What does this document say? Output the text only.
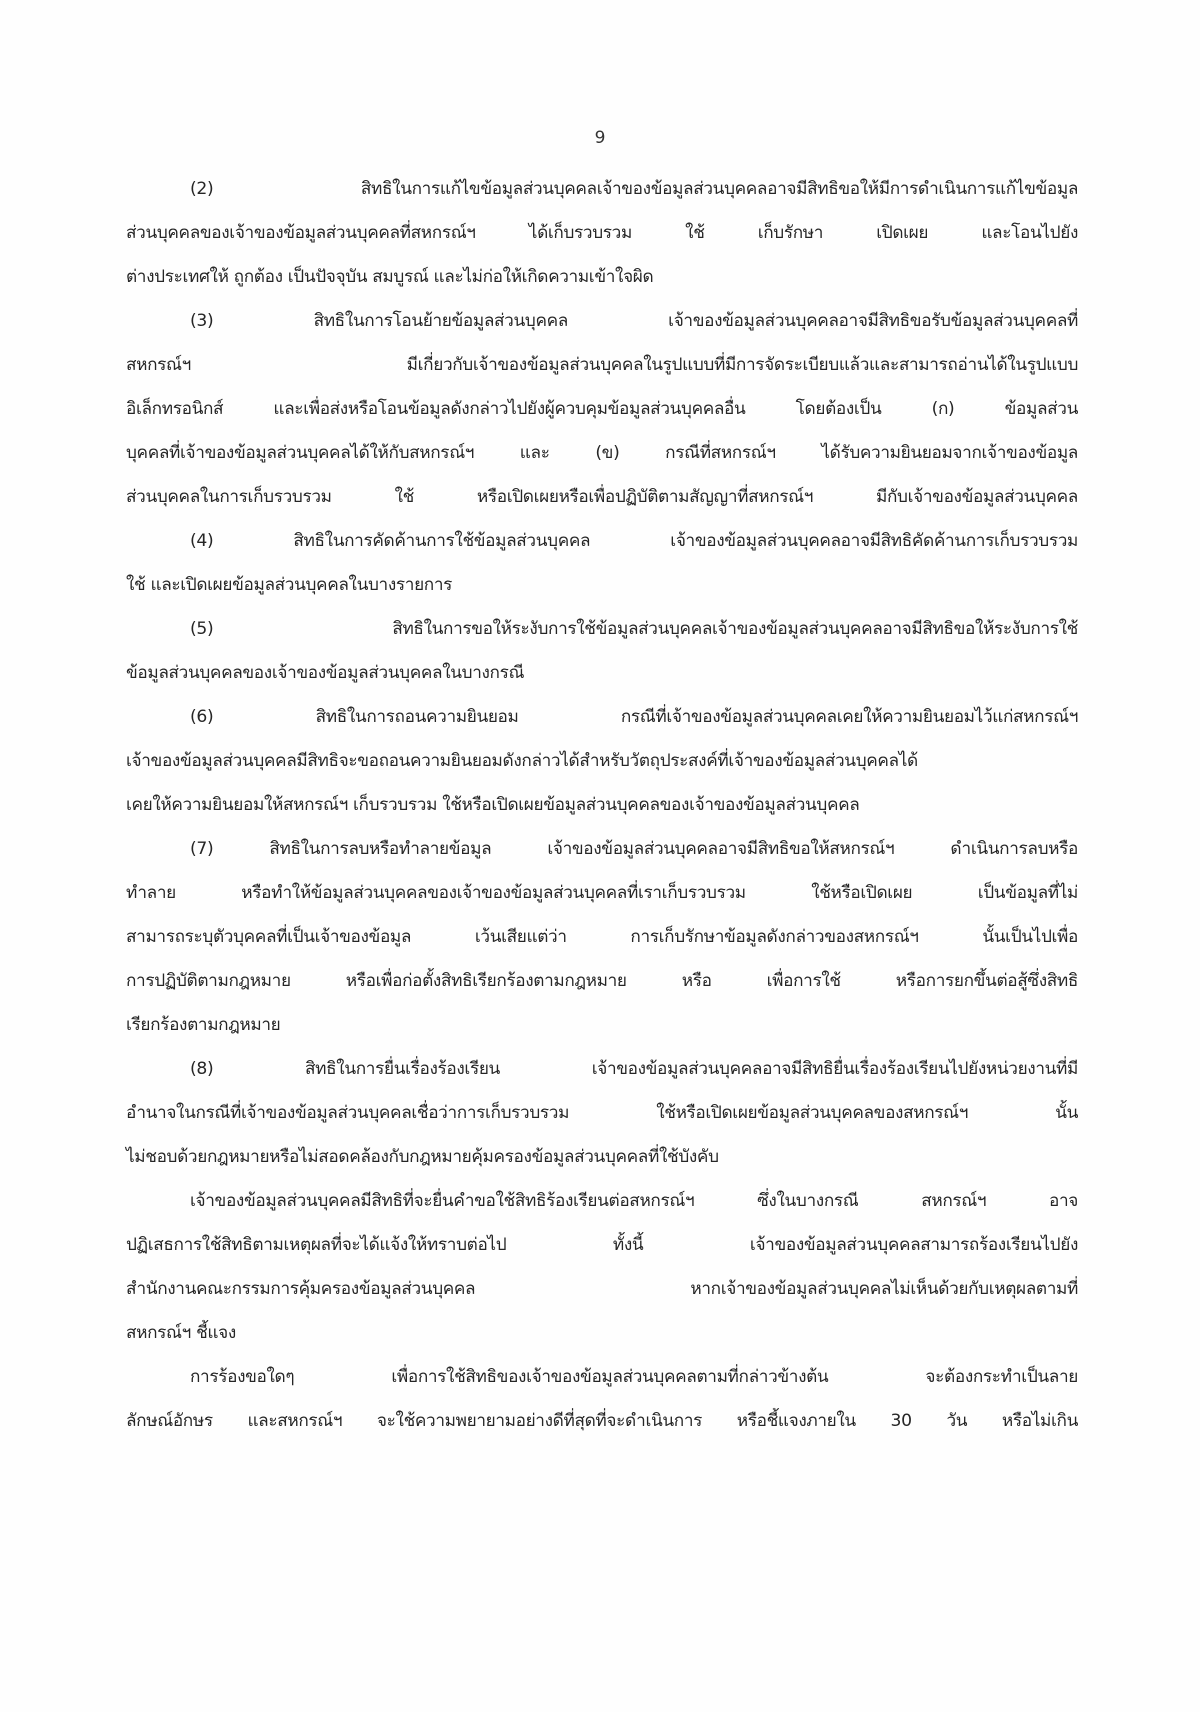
9
(2) สิทธิในการแก้ไขข้อมูลส่วนบุคคลเจ้าของข้อมูลส่วนบุคคลอาจมีสิทธิขอให้มีการดำเนินการแก้ไขข้อมูล
ส่วนบุคคลของเจ้าของข้อมูลส่วนบุคคลที่สหกรณ์ฯ ได้เก็บรวบรวม ใช้ เก็บรักษา เปิดเผย และโอนไปยัง
ต่างประเทศให้ ถูกต้อง เป็นปัจจุบัน สมบูรณ์ และไม่ก่อให้เกิดความเข้าใจผิด
(3) สิทธิในการโอนย้ายข้อมูลส่วนบุคคล เจ้าของข้อมูลส่วนบุคคลอาจมีสิทธิขอรับข้อมูลส่วนบุคคลที่
สหกรณ์ฯ มีเกี่ยวกับเจ้าของข้อมูลส่วนบุคคลในรูปแบบที่มีการจัดระเบียบแล้วและสามารถอ่านได้ในรูปแบบ
อิเล็กทรอนิกส์ และเพื่อส่งหรือโอนข้อมูลดังกล่าวไปยังผู้ควบคุมข้อมูลส่วนบุคคลอื่น โดยต้องเป็น (ก) ข้อมูลส่วน
บุคคลที่เจ้าของข้อมูลส่วนบุคคลได้ให้กับสหกรณ์ฯ และ (ข) กรณีที่สหกรณ์ฯ ได้รับความยินยอมจากเจ้าของข้อมูล
ส่วนบุคคลในการเก็บรวบรวม ใช้ หรือเปิดเผยหรือเพื่อปฏิบัติตามสัญญาที่สหกรณ์ฯ มีกับเจ้าของข้อมูลส่วนบุคคล
(4) สิทธิในการคัดค้านการใช้ข้อมูลส่วนบุคคล เจ้าของข้อมูลส่วนบุคคลอาจมีสิทธิคัดค้านการเก็บรวบรวม
ใช้ และเปิดเผยข้อมูลส่วนบุคคลในบางรายการ
(5) สิทธิในการขอให้ระงับการใช้ข้อมูลส่วนบุคคลเจ้าของข้อมูลส่วนบุคคลอาจมีสิทธิขอให้ระงับการใช้
ข้อมูลส่วนบุคคลของเจ้าของข้อมูลส่วนบุคคลในบางกรณี
(6) สิทธิในการถอนความยินยอม กรณีที่เจ้าของข้อมูลส่วนบุคคลเคยให้ความยินยอมไว้แก่สหกรณ์ฯ
เจ้าของข้อมูลส่วนบุคคลมีสิทธิจะขอถอนความยินยอมดังกล่าวได้สำหรับวัตถุประสงค์ที่เจ้าของข้อมูลส่วนบุคคลได้
เคยให้ความยินยอมให้สหกรณ์ฯ เก็บรวบรวม ใช้หรือเปิดเผยข้อมูลส่วนบุคคลของเจ้าของข้อมูลส่วนบุคคล
(7) สิทธิในการลบหรือทำลายข้อมูล เจ้าของข้อมูลส่วนบุคคลอาจมีสิทธิขอให้สหกรณ์ฯ ดำเนินการลบหรือ
ทำลาย หรือทำให้ข้อมูลส่วนบุคคลของเจ้าของข้อมูลส่วนบุคคลที่เราเก็บรวบรวม ใช้หรือเปิดเผย เป็นข้อมูลที่ไม่
สามารถระบุตัวบุคคลที่เป็นเจ้าของข้อมูล เว้นเสียแต่ว่า การเก็บรักษาข้อมูลดังกล่าวของสหกรณ์ฯ นั้นเป็นไปเพื่อ
การปฏิบัติตามกฎหมาย หรือเพื่อก่อตั้งสิทธิเรียกร้องตามกฎหมาย หรือ เพื่อการใช้ หรือการยกขึ้นต่อสู้ซึ่งสิทธิ
เรียกร้องตามกฎหมาย
(8) สิทธิในการยื่นเรื่องร้องเรียน เจ้าของข้อมูลส่วนบุคคลอาจมีสิทธิยื่นเรื่องร้องเรียนไปยังหน่วยงานที่มี
อำนาจในกรณีที่เจ้าของข้อมูลส่วนบุคคลเชื่อว่าการเก็บรวบรวม ใช้หรือเปิดเผยข้อมูลส่วนบุคคลของสหกรณ์ฯ นั้น
ไม่ชอบด้วยกฎหมายหรือไม่สอดคล้องกับกฎหมายคุ้มครองข้อมูลส่วนบุคคลที่ใช้บังคับ
เจ้าของข้อมูลส่วนบุคคลมีสิทธิที่จะยื่นคำขอใช้สิทธิร้องเรียนต่อสหกรณ์ฯ ซึ่งในบางกรณี สหกรณ์ฯ อาจ
ปฏิเสธการใช้สิทธิตามเหตุผลที่จะได้แจ้งให้ทราบต่อไป ทั้งนี้ เจ้าของข้อมูลส่วนบุคคลสามารถร้องเรียนไปยัง
สำนักงานคณะกรรมการคุ้มครองข้อมูลส่วนบุคคล หากเจ้าของข้อมูลส่วนบุคคลไม่เห็นด้วยกับเหตุผลตามที่
สหกรณ์ฯ ชี้แจง
การร้องขอใดๆ เพื่อการใช้สิทธิของเจ้าของข้อมูลส่วนบุคคลตามที่กล่าวข้างต้น จะต้องกระทำเป็นลาย
ลักษณ์อักษร และสหกรณ์ฯ จะใช้ความพยายามอย่างดีที่สุดที่จะดำเนินการ หรือชี้แจงภายใน 30 วัน หรือไม่เกิน
